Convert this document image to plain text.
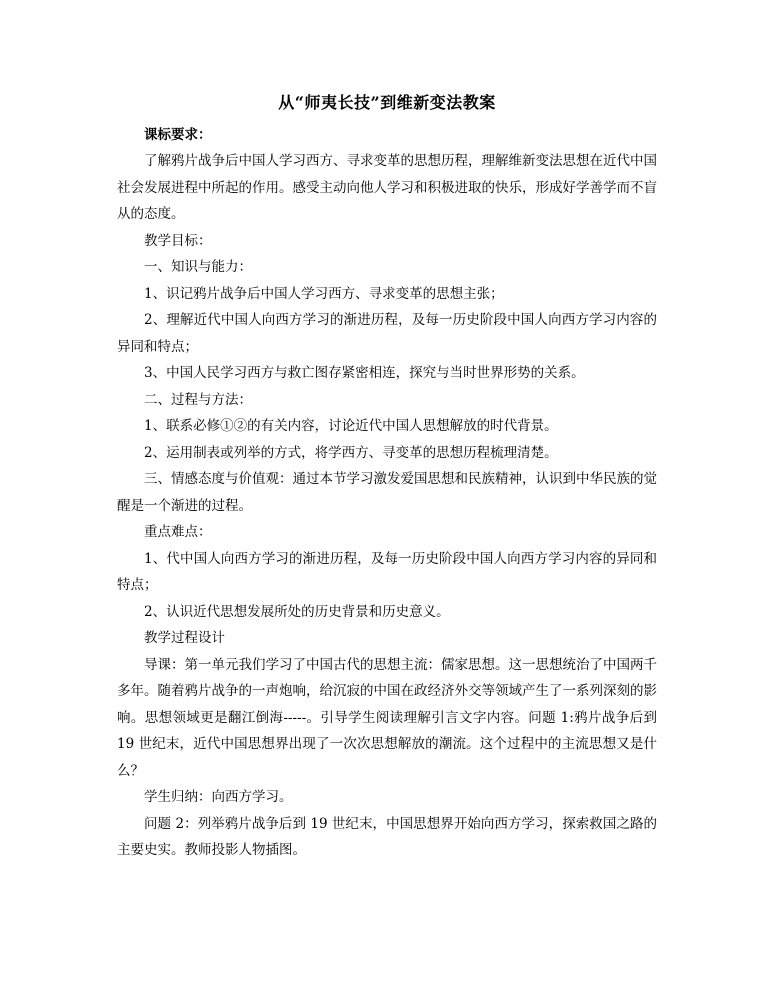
从“师夷长技”到维新变法教案

课标要求：

了解鸦片战争后中国人学习西方、寻求变革的思想历程，理解维新变法思想在近代中国社会发展进程中所起的作用。感受主动向他人学习和积极进取的快乐，形成好学善学而不盲从的态度。

教学目标：

一、知识与能力：

1、识记鸦片战争后中国人学习西方、寻求变革的思想主张；

2、理解近代中国人向西方学习的渐进历程，及每一历史阶段中国人向西方学习内容的异同和特点；

3、中国人民学习西方与救亡图存紧密相连，探究与当时世界形势的关系。

二、过程与方法：

1、联系必修①②的有关内容，讨论近代中国人思想解放的时代背景。

2、运用制表或列举的方式，将学西方、寻变革的思想历程梳理清楚。

三、情感态度与价值观：通过本节学习激发爱国思想和民族精神，认识到中华民族的觉醒是一个渐进的过程。

重点难点：

1、代中国人向西方学习的渐进历程，及每一历史阶段中国人向西方学习内容的异同和特点；

2、认识近代思想发展所处的历史背景和历史意义。

教学过程设计

导课：第一单元我们学习了中国古代的思想主流：儒家思想。这一思想统治了中国两千多年。随着鸦片战争的一声炮响，给沉寂的中国在政经济外交等领域产生了一系列深刻的影响。思想领域更是翻江倒海-----。引导学生阅读理解引言文字内容。问题 1:鸦片战争后到 19 世纪末，近代中国思想界出现了一次次思想解放的潮流。这个过程中的主流思想又是什么？

学生归纳：向西方学习。

问题 2：列举鸦片战争后到 19 世纪末，中国思想界开始向西方学习，探索救国之路的主要史实。教师投影人物插图。
